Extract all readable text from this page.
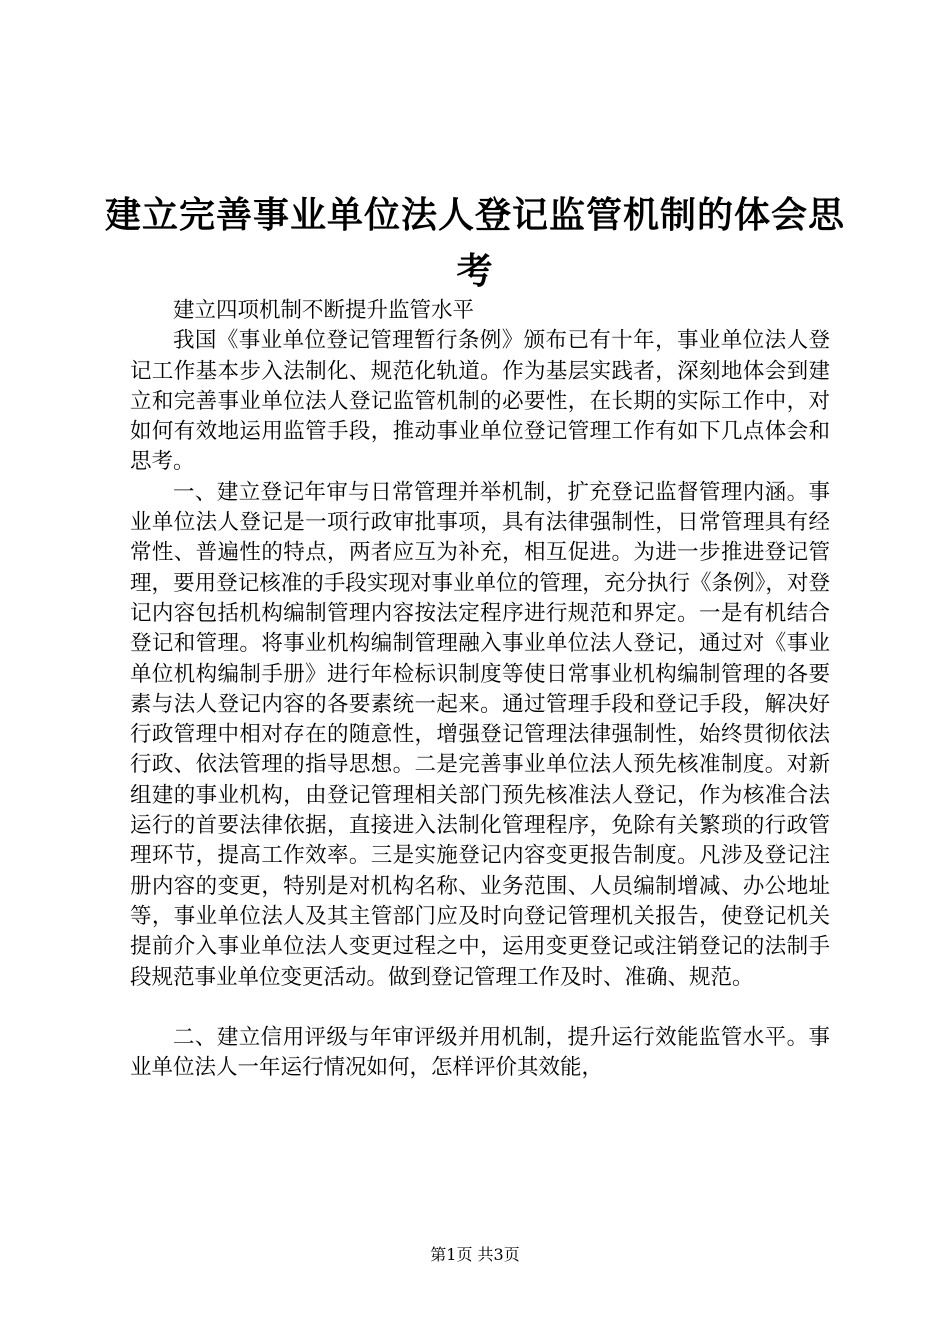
建立完善事业单位法人登记监管机制的体会思考

建立四项机制不断提升监管水平

我国《事业单位登记管理暂行条例》颁布已有十年，事业单位法人登记工作基本步入法制化、规范化轨道。作为基层实践者，深刻地体会到建立和完善事业单位法人登记监管机制的必要性，在长期的实际工作中，对如何有效地运用监管手段，推动事业单位登记管理工作有如下几点体会和思考。

一、建立登记年审与日常管理并举机制，扩充登记监督管理内涵。事业单位法人登记是一项行政审批事项，具有法律强制性，日常管理具有经常性、普遍性的特点，两者应互为补充，相互促进。为进一步推进登记管理，要用登记核准的手段实现对事业单位的管理，充分执行《条例》，对登记内容包括机构编制管理内容按法定程序进行规范和界定。一是有机结合登记和管理。将事业机构编制管理融入事业单位法人登记，通过对《事业单位机构编制手册》进行年检标识制度等使日常事业机构编制管理的各要素与法人登记内容的各要素统一起来。通过管理手段和登记手段，解决好行政管理中相对存在的随意性，增强登记管理法律强制性，始终贯彻依法行政、依法管理的指导思想。二是完善事业单位法人预先核准制度。对新组建的事业机构，由登记管理相关部门预先核准法人登记，作为核准合法运行的首要法律依据，直接进入法制化管理程序，免除有关繁琐的行政管理环节，提高工作效率。三是实施登记内容变更报告制度。凡涉及登记注册内容的变更，特别是对机构名称、业务范围、人员编制增减、办公地址等，事业单位法人及其主管部门应及时向登记管理机关报告，使登记机关提前介入事业单位法人变更过程之中，运用变更登记或注销登记的法制手段规范事业单位变更活动。做到登记管理工作及时、准确、规范。

二、建立信用评级与年审评级并用机制，提升运行效能监管水平。事业单位法人一年运行情况如何，怎样评价其效能，

第1页 共3页
